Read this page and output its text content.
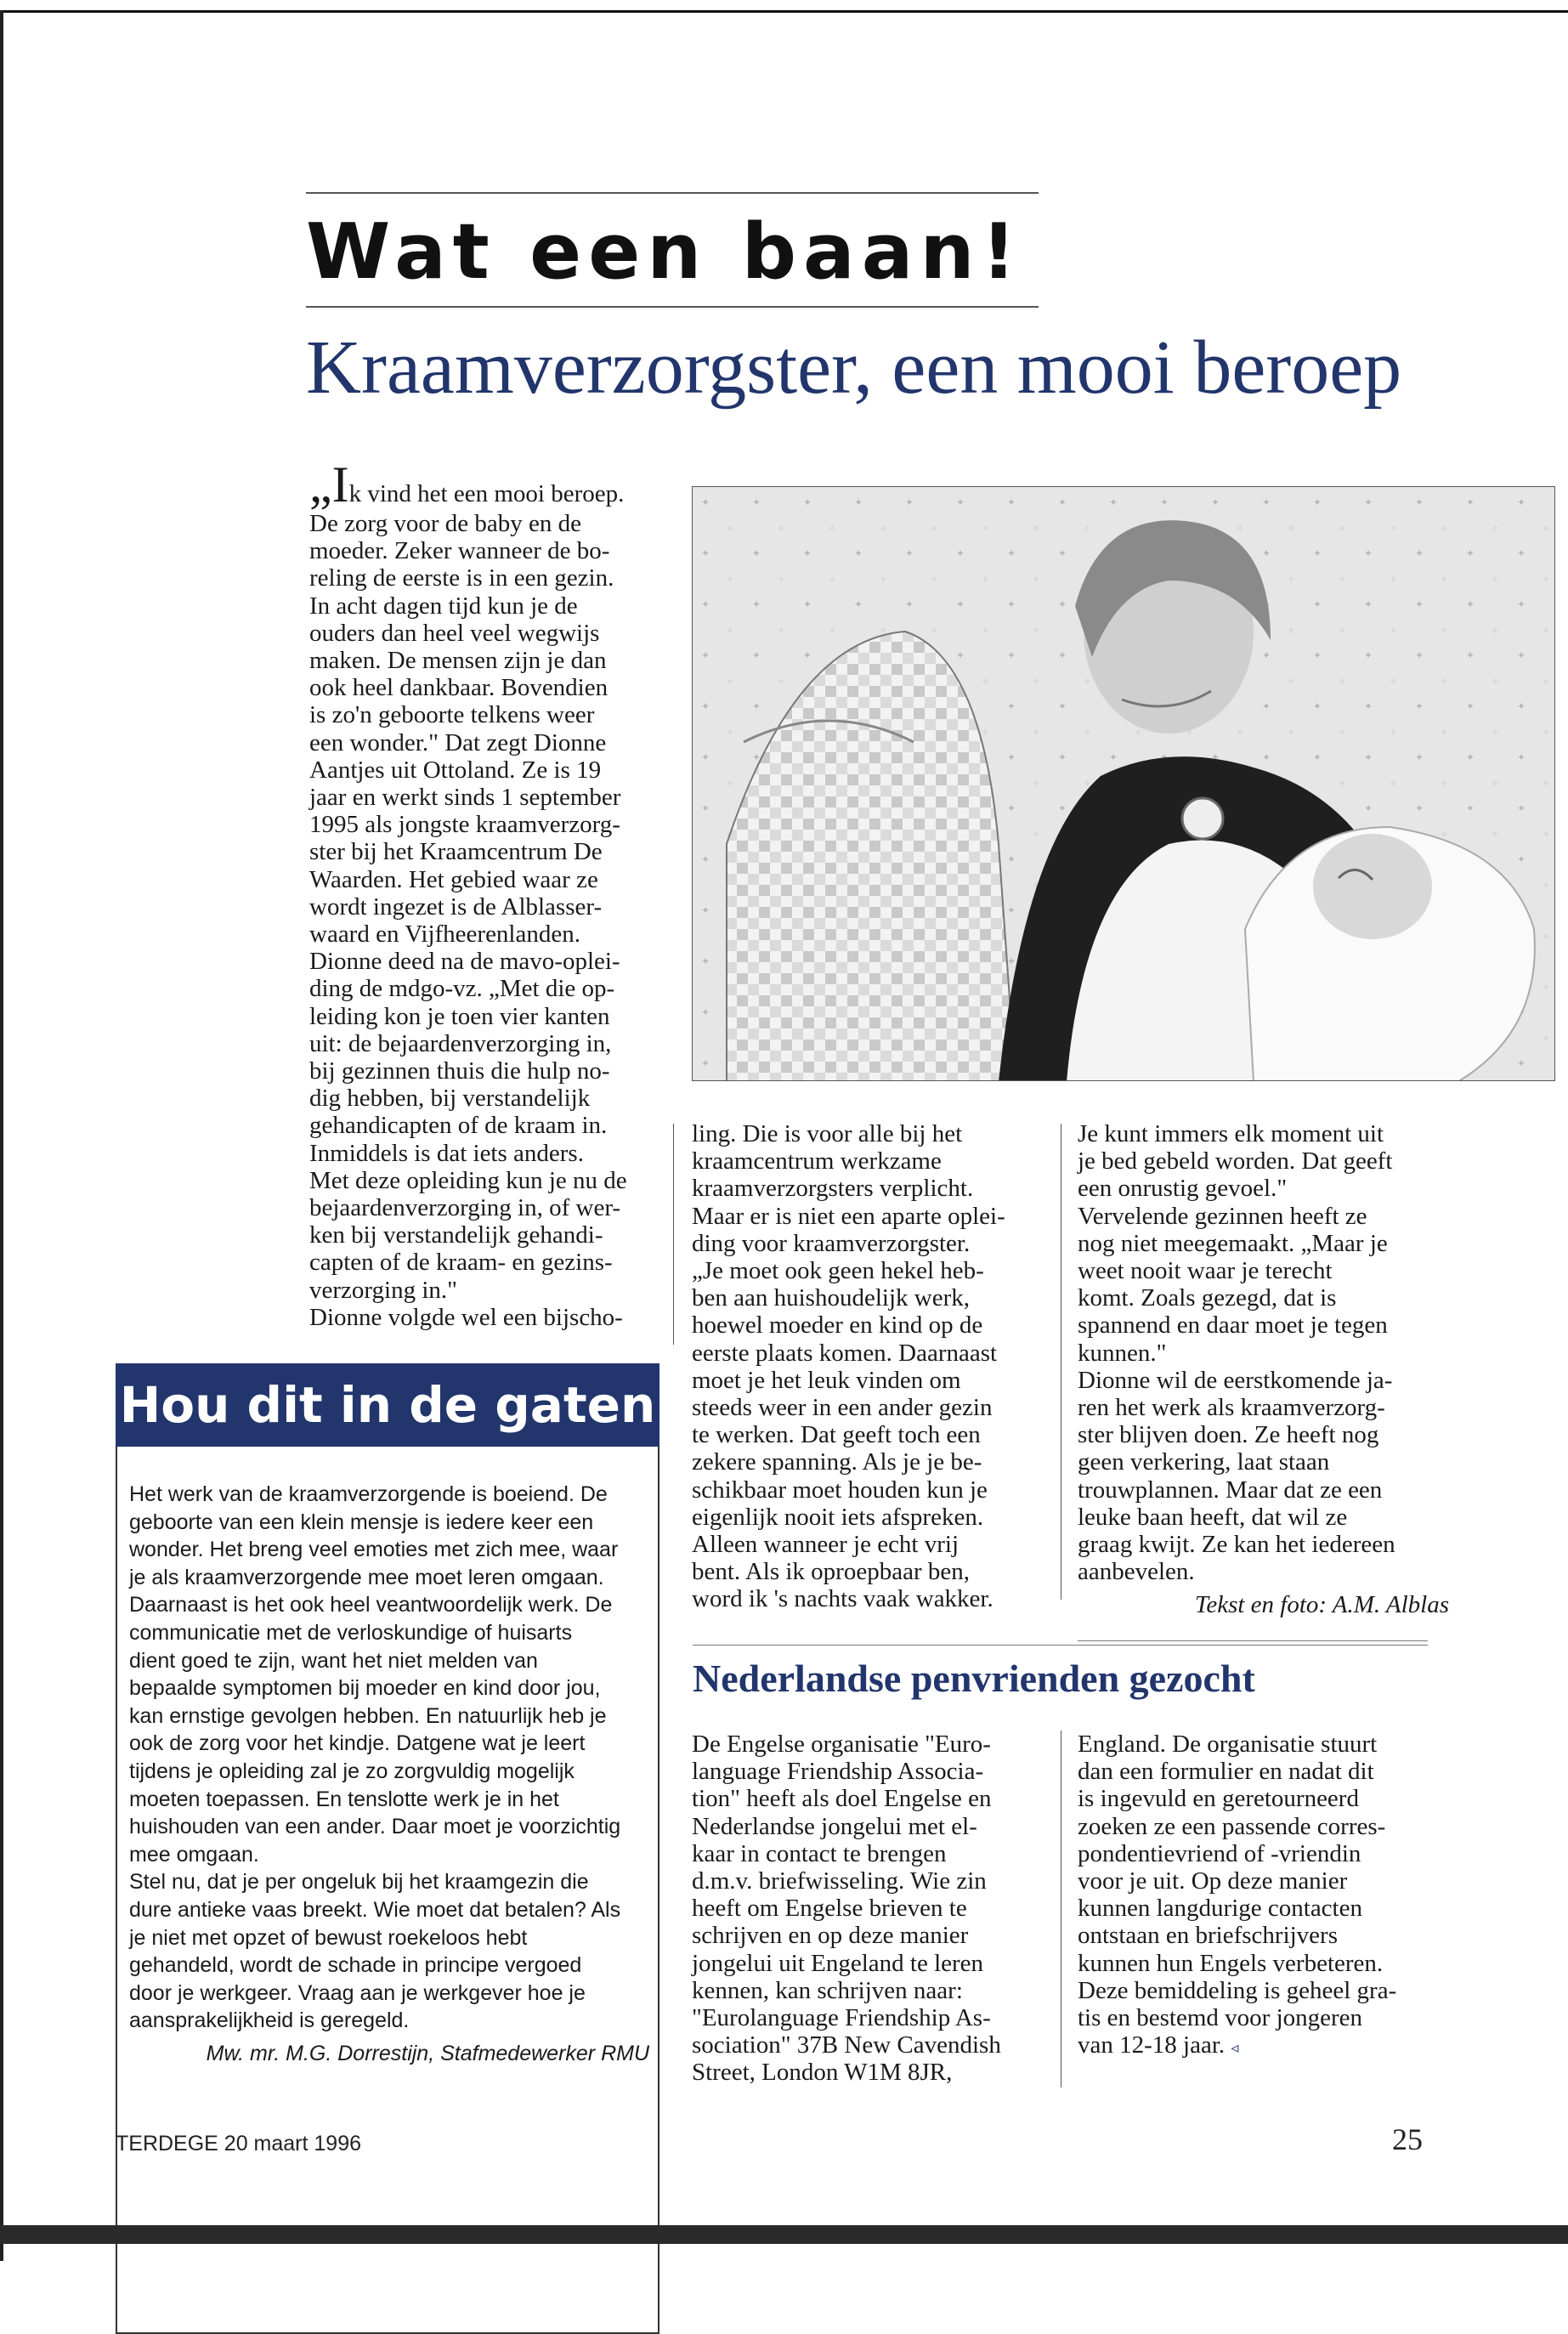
Wat een baan!
Kraamverzorgster, een mooi beroep

„Ik vind het een mooi beroep.

De zorg voor de baby en de

moeder. Zeker wanneer de bo-

reling de eerste is in een gezin.

In acht dagen tijd kun je de

ouders dan heel veel wegwijs

maken. De mensen zijn je dan

ook heel dankbaar. Bovendien

is zo'n geboorte telkens weer

een wonder." Dat zegt Dionne

Aantjes uit Ottoland. Ze is 19

jaar en werkt sinds 1 september

1995 als jongste kraamverzorg-

ster bij het Kraamcentrum De

Waarden. Het gebied waar ze

wordt ingezet is de Alblasser-

waard en Vijfheerenlanden.

Dionne deed na de mavo-oplei-

ding de mdgo-vz. „Met die op-

leiding kon je toen vier kanten

uit: de bejaardenverzorging in,

bij gezinnen thuis die hulp no-

dig hebben, bij verstandelijk

gehandicapten of de kraam in.

Inmiddels is dat iets anders.

Met deze opleiding kun je nu de

bejaardenverzorging in, of wer-

ken bij verstandelijk gehandi-

capten of de kraam- en gezins-

verzorging in."

Dionne volgde wel een bijscho-

ling. Die is voor alle bij het

kraamcentrum werkzame

kraamverzorgsters verplicht.

Maar er is niet een aparte oplei-

ding voor kraamverzorgster.

„Je moet ook geen hekel heb-

ben aan huishoudelijk werk,

hoewel moeder en kind op de

eerste plaats komen. Daarnaast

moet je het leuk vinden om

steeds weer in een ander gezin

te werken. Dat geeft toch een

zekere spanning. Als je je be-

schikbaar moet houden kun je

eigenlijk nooit iets afspreken.

Alleen wanneer je echt vrij

bent. Als ik oproepbaar ben,

word ik 's nachts vaak wakker.

Je kunt immers elk moment uit

je bed gebeld worden. Dat geeft

een onrustig gevoel."

Vervelende gezinnen heeft ze

nog niet meegemaakt. „Maar je

weet nooit waar je terecht

komt. Zoals gezegd, dat is

spannend en daar moet je tegen

kunnen."

Dionne wil de eerstkomende ja-

ren het werk als kraamverzorg-

ster blijven doen. Ze heeft nog

geen verkering, laat staan

trouwplannen. Maar dat ze een

leuke baan heeft, dat wil ze

graag kwijt. Ze kan het iedereen

aanbevelen.

Tekst en foto: A.M. Alblas
Hou dit in de gaten

Het werk van de kraamverzorgende is boeiend. De

geboorte van een klein mensje is iedere keer een

wonder. Het breng veel emoties met zich mee, waar

je als kraamverzorgende mee moet leren omgaan.

Daarnaast is het ook heel veantwoordelijk werk. De

communicatie met de verloskundige of huisarts

dient goed te zijn, want het niet melden van

bepaalde symptomen bij moeder en kind door jou,

kan ernstige gevolgen hebben. En natuurlijk heb je

ook de zorg voor het kindje. Datgene wat je leert

tijdens je opleiding zal je zo zorgvuldig mogelijk

moeten toepassen. En tenslotte werk je in het

huishouden van een ander. Daar moet je voorzichtig

mee omgaan.

Stel nu, dat je per ongeluk bij het kraamgezin die

dure antieke vaas breekt. Wie moet dat betalen? Als

je niet met opzet of bewust roekeloos hebt

gehandeld, wordt de schade in principe vergoed

door je werkgeer. Vraag aan je werkgever hoe je

aansprakelijkheid is geregeld.

Mw. mr. M.G. Dorrestijn, Stafmedewerker RMU
Nederlandse penvrienden gezocht

De Engelse organisatie "Euro-

language Friendship Associa-

tion" heeft als doel Engelse en

Nederlandse jongelui met el-

kaar in contact te brengen

d.m.v. briefwisseling. Wie zin

heeft om Engelse brieven te

schrijven en op deze manier

jongelui uit Engeland te leren

kennen, kan schrijven naar:

"Eurolanguage Friendship As-

sociation" 37B New Cavendish

Street, London W1M 8JR,

England. De organisatie stuurt

dan een formulier en nadat dit

is ingevuld en geretourneerd

zoeken ze een passende corres-

pondentievriend of -vriendin

voor je uit. Op deze manier

kunnen langdurige contacten

ontstaan en briefschrijvers

kunnen hun Engels verbeteren.

Deze bemiddeling is geheel gra-

tis en bestemd voor jongeren

van 12-18 jaar. ◃

TERDEGE 20 maart 1996	25
